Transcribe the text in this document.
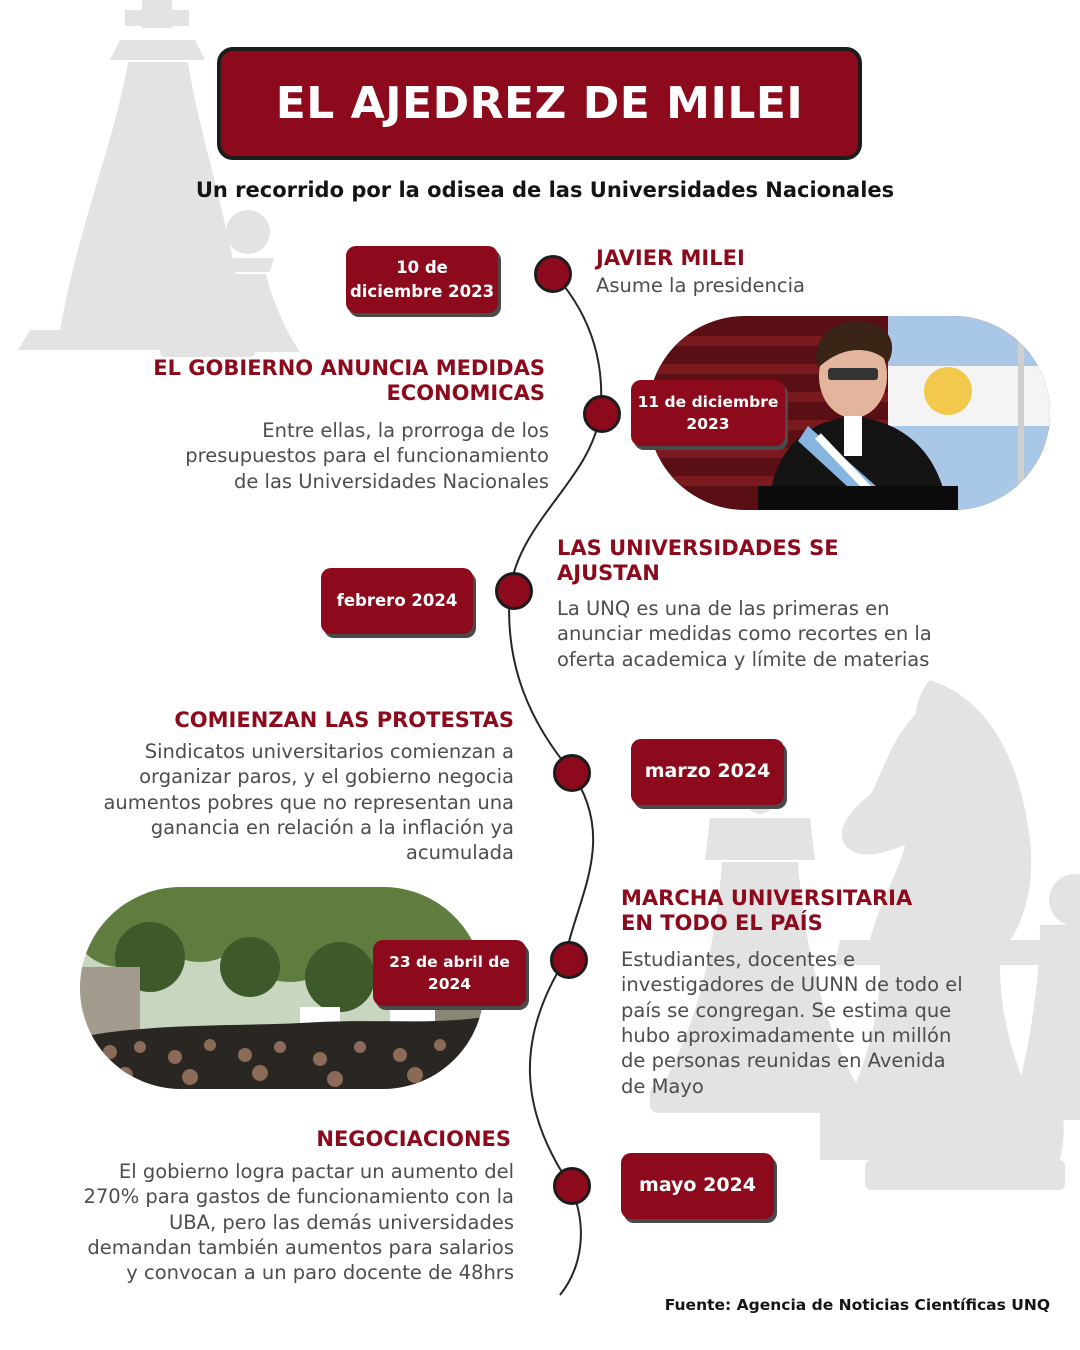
EL AJEDREZ DE MILEI
Un recorrido por la odisea de las Universidades Nacionales
10 de
diciembre 2023
11 de diciembre
2023
febrero 2024
marzo 2024
23 de abril de
2024
mayo 2024
JAVIER MILEI
Asume la presidencia
EL GOBIERNO ANUNCIA MEDIDAS
ECONOMICAS
Entre ellas, la prorroga de los
presupuestos para el funcionamiento
de las Universidades Nacionales
LAS UNIVERSIDADES SE
AJUSTAN
La UNQ es una de las primeras en
anunciar medidas como recortes en la
oferta academica y límite de materias
COMIENZAN LAS PROTESTAS
Sindicatos universitarios comienzan a
organizar paros, y el gobierno negocia
aumentos pobres que no representan una
ganancia en relación a la inflación ya
acumulada
MARCHA UNIVERSITARIA
EN TODO EL PAÍS
Estudiantes, docentes e
investigadores de UUNN de todo el
país se congregan. Se estima que
hubo aproximadamente un millón
de personas reunidas en Avenida
de Mayo
NEGOCIACIONES
El gobierno logra pactar un aumento del
270% para gastos de funcionamiento con la
UBA, pero las demás universidades
demandan también aumentos para salarios
y convocan a un paro docente de 48hrs
Fuente: Agencia de Noticias Científicas UNQ
